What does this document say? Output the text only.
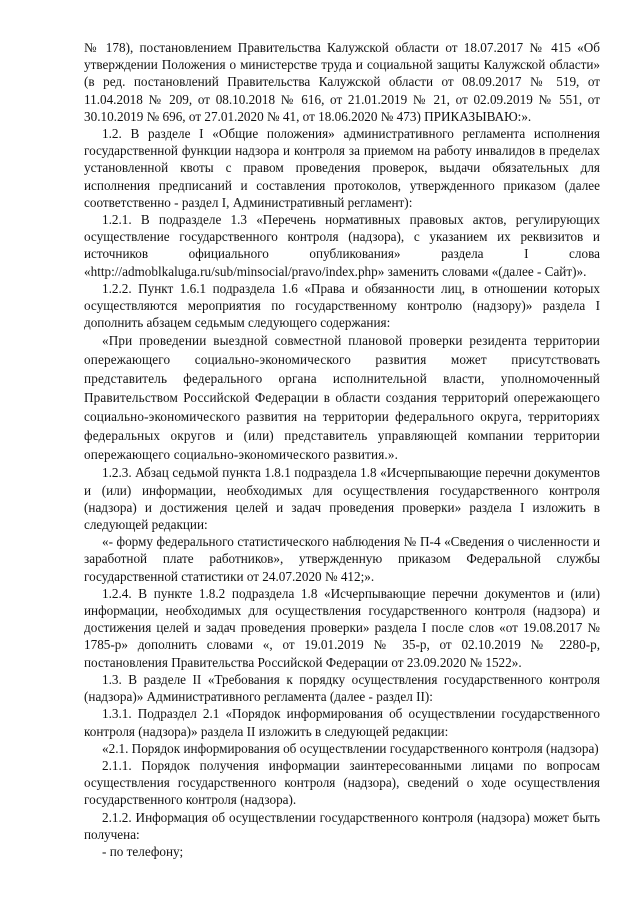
№ 178), постановлением Правительства Калужской области от 18.07.2017 № 415 «Об утверждении Положения о министерстве труда и социальной защиты Калужской области» (в ред. постановлений Правительства Калужской области от 08.09.2017 № 519, от 11.04.2018 № 209, от 08.10.2018 № 616, от 21.01.2019 № 21, от 02.09.2019 № 551, от 30.10.2019 № 696, от 27.01.2020 № 41, от 18.06.2020 № 473) ПРИКАЗЫВАЮ:».

1.2. В разделе I «Общие положения» административного регламента исполнения государственной функции надзора и контроля за приемом на работу инвалидов в пределах установленной квоты с правом проведения проверок, выдачи обязательных для исполнения предписаний и составления протоколов, утвержденного приказом (далее соответственно - раздел I, Административный регламент):

1.2.1. В подразделе 1.3 «Перечень нормативных правовых актов, регулирующих осуществление государственного контроля (надзора), с указанием их реквизитов и источников официального опубликования» раздела I слова «http://admoblkaluga.ru/sub/minsocial/pravo/index.php» заменить словами «(далее - Сайт)».

1.2.2. Пункт 1.6.1 подраздела 1.6 «Права и обязанности лиц, в отношении которых осуществляются мероприятия по государственному контролю (надзору)» раздела I дополнить абзацем седьмым следующего содержания:

«При проведении выездной совместной плановой проверки резидента территории опережающего социально-экономического развития может присутствовать представитель федерального органа исполнительной власти, уполномоченный Правительством Российской Федерации в области создания территорий опережающего социально-экономического развития на территории федерального округа, территориях федеральных округов и (или) представитель управляющей компании территории опережающего социально-экономического развития.».

1.2.3. Абзац седьмой пункта 1.8.1 подраздела 1.8 «Исчерпывающие перечни документов и (или) информации, необходимых для осуществления государственного контроля (надзора) и достижения целей и задач проведения проверки» раздела I изложить в следующей редакции:

«- форму федерального статистического наблюдения № П-4 «Сведения о численности и заработной плате работников», утвержденную приказом Федеральной службы государственной статистики от 24.07.2020 № 412;».

1.2.4. В пункте 1.8.2 подраздела 1.8 «Исчерпывающие перечни документов и (или) информации, необходимых для осуществления государственного контроля (надзора) и достижения целей и задач проведения проверки» раздела I после слов «от 19.08.2017 № 1785-р» дополнить словами «, от 19.01.2019 № 35-р, от 02.10.2019 № 2280-р, постановления Правительства Российской Федерации от 23.09.2020 № 1522».

1.3. В разделе II «Требования к порядку осуществления государственного контроля (надзора)» Административного регламента (далее - раздел II):

1.3.1. Подраздел 2.1 «Порядок информирования об осуществлении государственного контроля (надзора)» раздела II изложить в следующей редакции:

«2.1. Порядок информирования об осуществлении государственного контроля (надзора)

2.1.1. Порядок получения информации заинтересованными лицами по вопросам осуществления государственного контроля (надзора), сведений о ходе осуществления государственного контроля (надзора).

2.1.2. Информация об осуществлении государственного контроля (надзора) может быть получена:

- по телефону;
